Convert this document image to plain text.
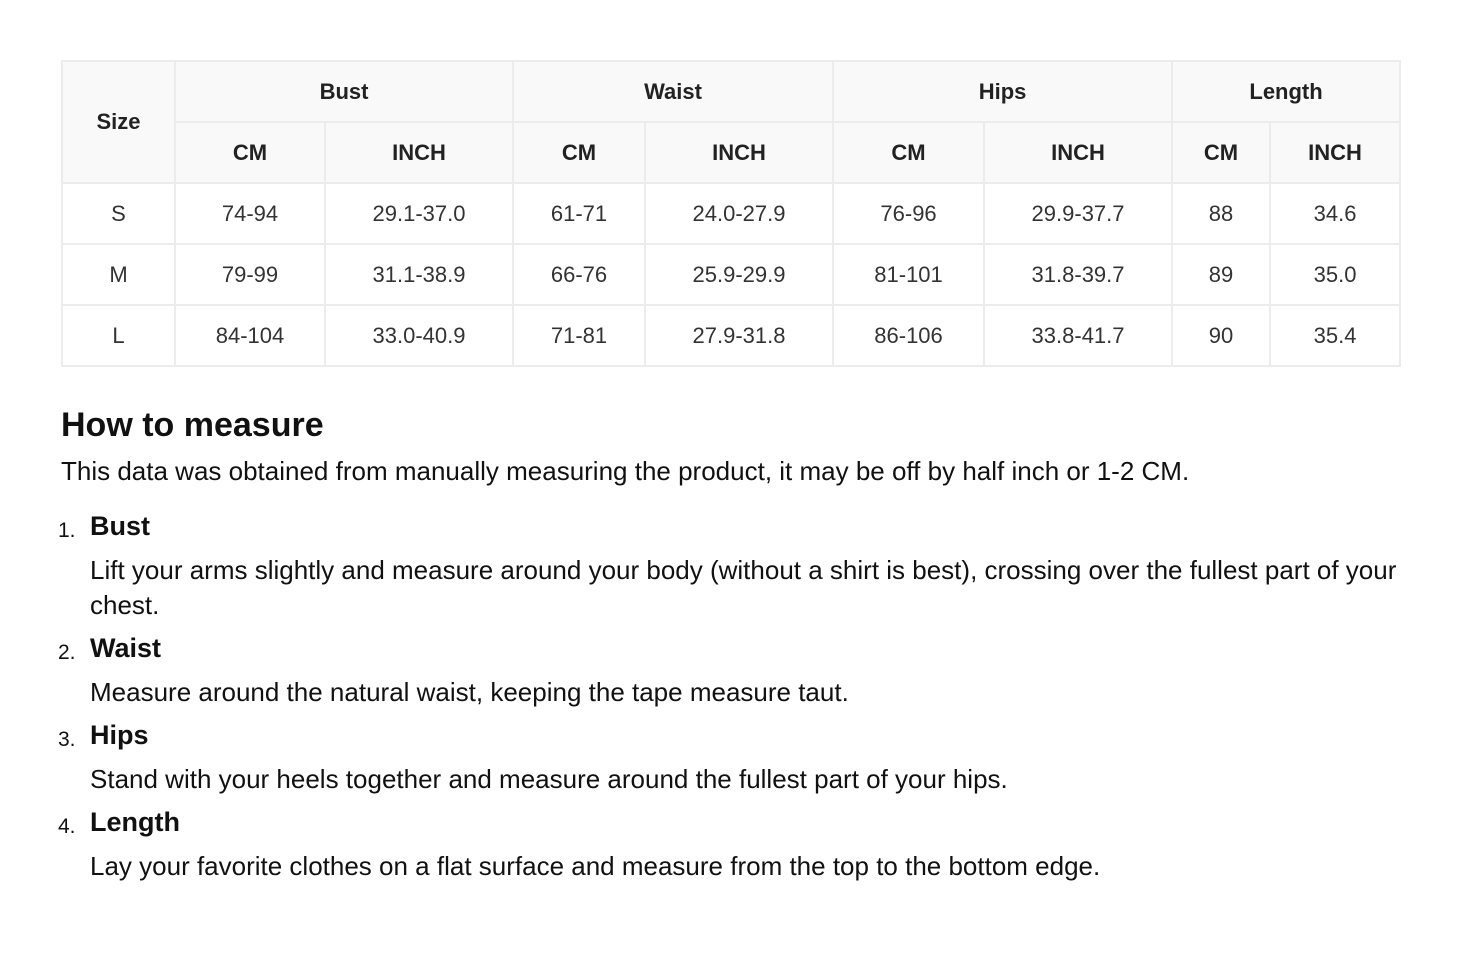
Size	Bust		Waist		Hips		Length	
	CM	INCH	CM	INCH	CM	INCH	CM	INCH
S	74-94	29.1-37.0	61-71	24.0-27.9	76-96	29.9-37.7	88	34.6
M	79-99	31.1-38.9	66-76	25.9-29.9	81-101	31.8-39.7	89	35.0
L	84-104	33.0-40.9	71-81	27.9-31.8	86-106	33.8-41.7	90	35.4
How to measure

This data was obtained from manually measuring the product, it may be off by half inch or 1-2 CM.

1. Bust
Lift your arms slightly and measure around your body (without a shirt is best), crossing over the fullest part of your chest.
2. Waist
Measure around the natural waist, keeping the tape measure taut.
3. Hips
Stand with your heels together and measure around the fullest part of your hips.
4. Length
Lay your favorite clothes on a flat surface and measure from the top to the bottom edge.
